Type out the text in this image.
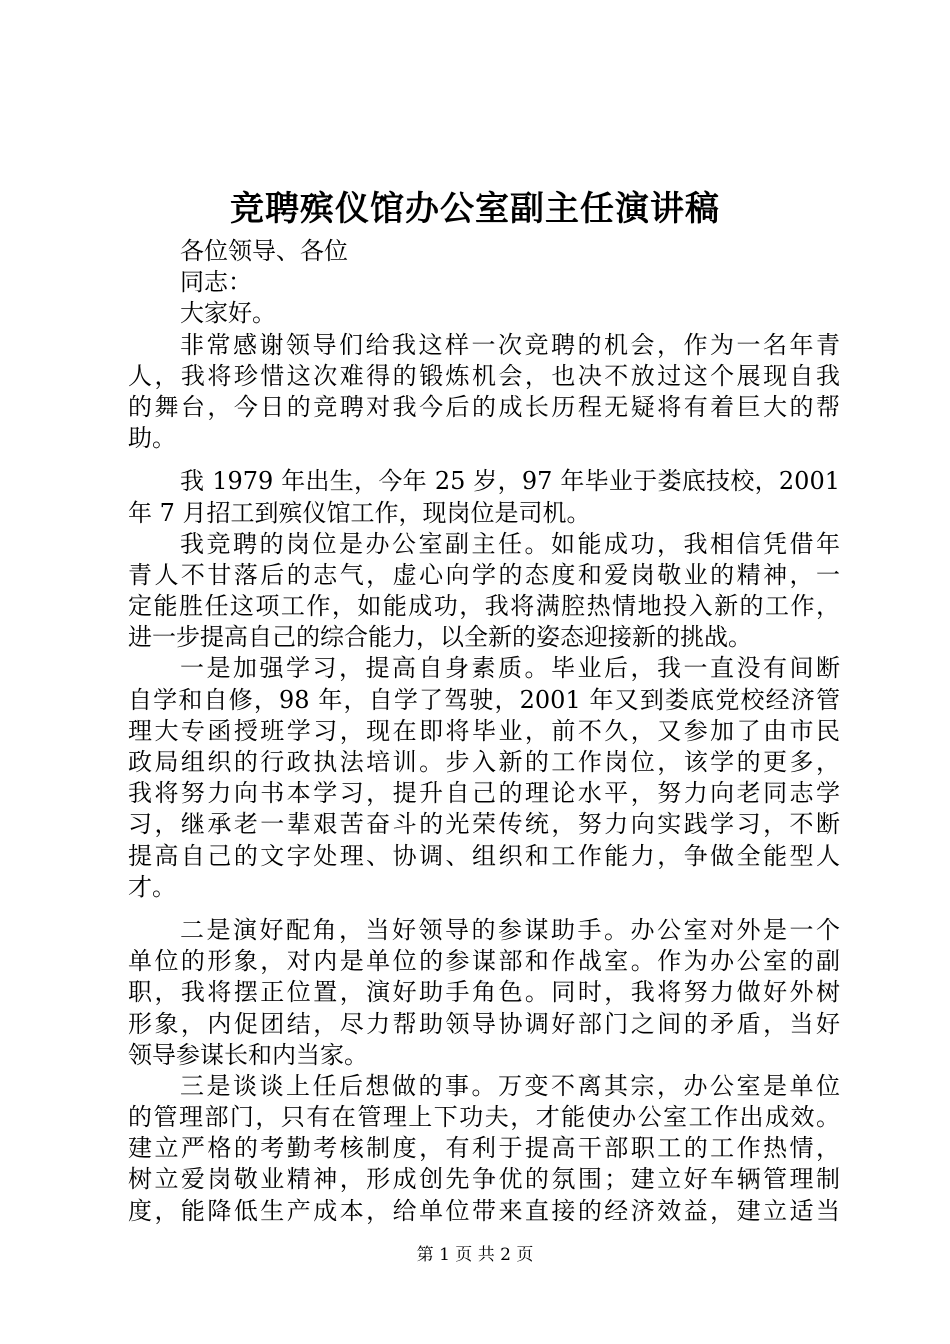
竞聘殡仪馆办公室副主任演讲稿
各位领导、各位
同志：
大家好。
非常感谢领导们给我这样一次竞聘的机会，作为一名年青
人，我将珍惜这次难得的锻炼机会，也决不放过这个展现自我
的舞台，今日的竞聘对我今后的成长历程无疑将有着巨大的帮
助。
我 1979 年出生，今年 25 岁，97 年毕业于娄底技校，2001
年 7 月招工到殡仪馆工作，现岗位是司机。
我竞聘的岗位是办公室副主任。如能成功，我相信凭借年
青人不甘落后的志气，虚心向学的态度和爱岗敬业的精神，一
定能胜任这项工作，如能成功，我将满腔热情地投入新的工作，
进一步提高自己的综合能力，以全新的姿态迎接新的挑战。
一是加强学习，提高自身素质。毕业后，我一直没有间断
自学和自修，98 年，自学了驾驶，2001 年又到娄底党校经济管
理大专函授班学习，现在即将毕业，前不久，又参加了由市民
政局组织的行政执法培训。步入新的工作岗位，该学的更多，
我将努力向书本学习，提升自己的理论水平，努力向老同志学
习，继承老一辈艰苦奋斗的光荣传统，努力向实践学习，不断
提高自己的文字处理、协调、组织和工作能力，争做全能型人
才。
二是演好配角，当好领导的参谋助手。办公室对外是一个
单位的形象，对内是单位的参谋部和作战室。作为办公室的副
职，我将摆正位置，演好助手角色。同时，我将努力做好外树
形象，内促团结，尽力帮助领导协调好部门之间的矛盾，当好
领导参谋长和内当家。
三是谈谈上任后想做的事。万变不离其宗，办公室是单位
的管理部门，只有在管理上下功夫，才能使办公室工作出成效。
建立严格的考勤考核制度，有利于提高干部职工的工作热情，
树立爱岗敬业精神，形成创先争优的氛围；建立好车辆管理制
度，能降低生产成本，给单位带来直接的经济效益，建立适当
第 1 页 共 2 页
